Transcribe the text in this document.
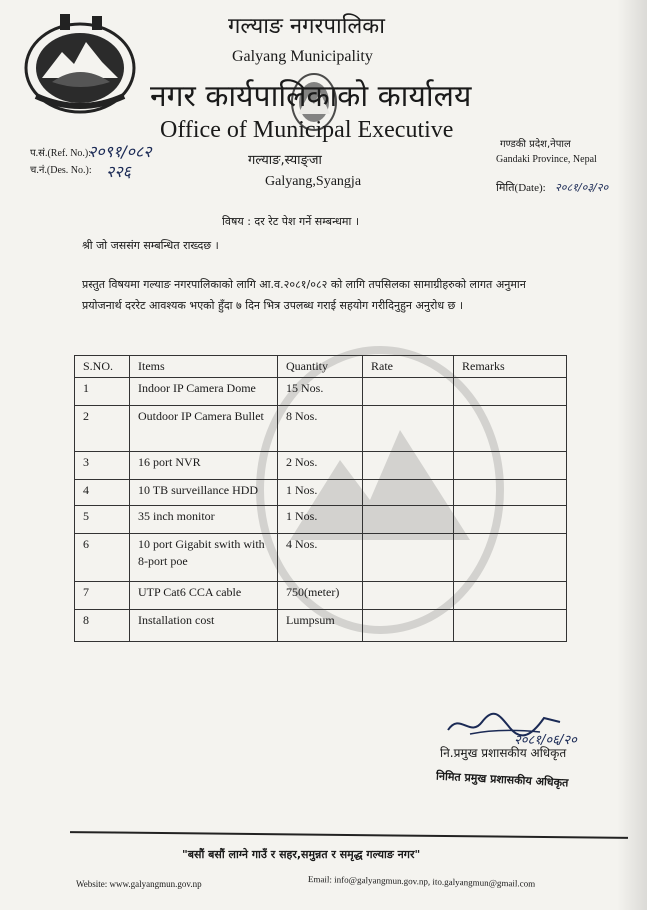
गल्याङ नगरपालिका
Galyang Municipality
नगर कार्यपालिकाको कार्यालय
Office of Municipal Executive
गल्याङ,स्याङ्जा
Galyang,Syangja
प.सं.(Ref. No.):
२०९१/०८२
च.नं.(Des. No.): २२६
गण्डकी प्रदेश,नेपाल
Gandaki Province, Nepal
मिति(Date): २०८१/०३/२०
विषय : दर रेट पेश गर्ने सम्बन्धमा ।
श्री जो जससंग सम्बन्धित राख्दछ ।
प्रस्तुत विषयमा गल्याङ नगरपालिकाको लागि आ.व.२०८१/०८२ को लागि तपसिलका सामाग्रीहरुको लागत अनुमान प्रयोजनार्थ दररेट आवश्यक भएको हुँदा ७ दिन भित्र उपलब्ध गराई सहयोग गरीदिनुहुन अनुरोध छ ।
S.NO.	Items	Quantity	Rate	Remarks
1	Indoor IP Camera Dome	15 Nos.		
2	Outdoor IP Camera Bullet	8 Nos.		
3	16 port NVR	2 Nos.		
4	10 TB surveillance HDD	1 Nos.		
5	35 inch monitor	1 Nos.		
6	10 port Gigabit swith with 8-port poe	4 Nos.		
7	UTP Cat6 CCA cable	750(meter)		
8	Installation cost	Lumpsum		
२०८१/०६/२०
नि.प्रमुख प्रशासकीय अधिकृत
निमित प्रमुख प्रशासकीय अधिकृत
"बसौं बसौं लाग्ने गाउँ र सहर,समुन्नत र समृद्ध गल्याङ नगर"
Website: www.galyangmun.gov.np	Email: info@galyangmun.gov.np, ito.galyangmun@gmail.com
